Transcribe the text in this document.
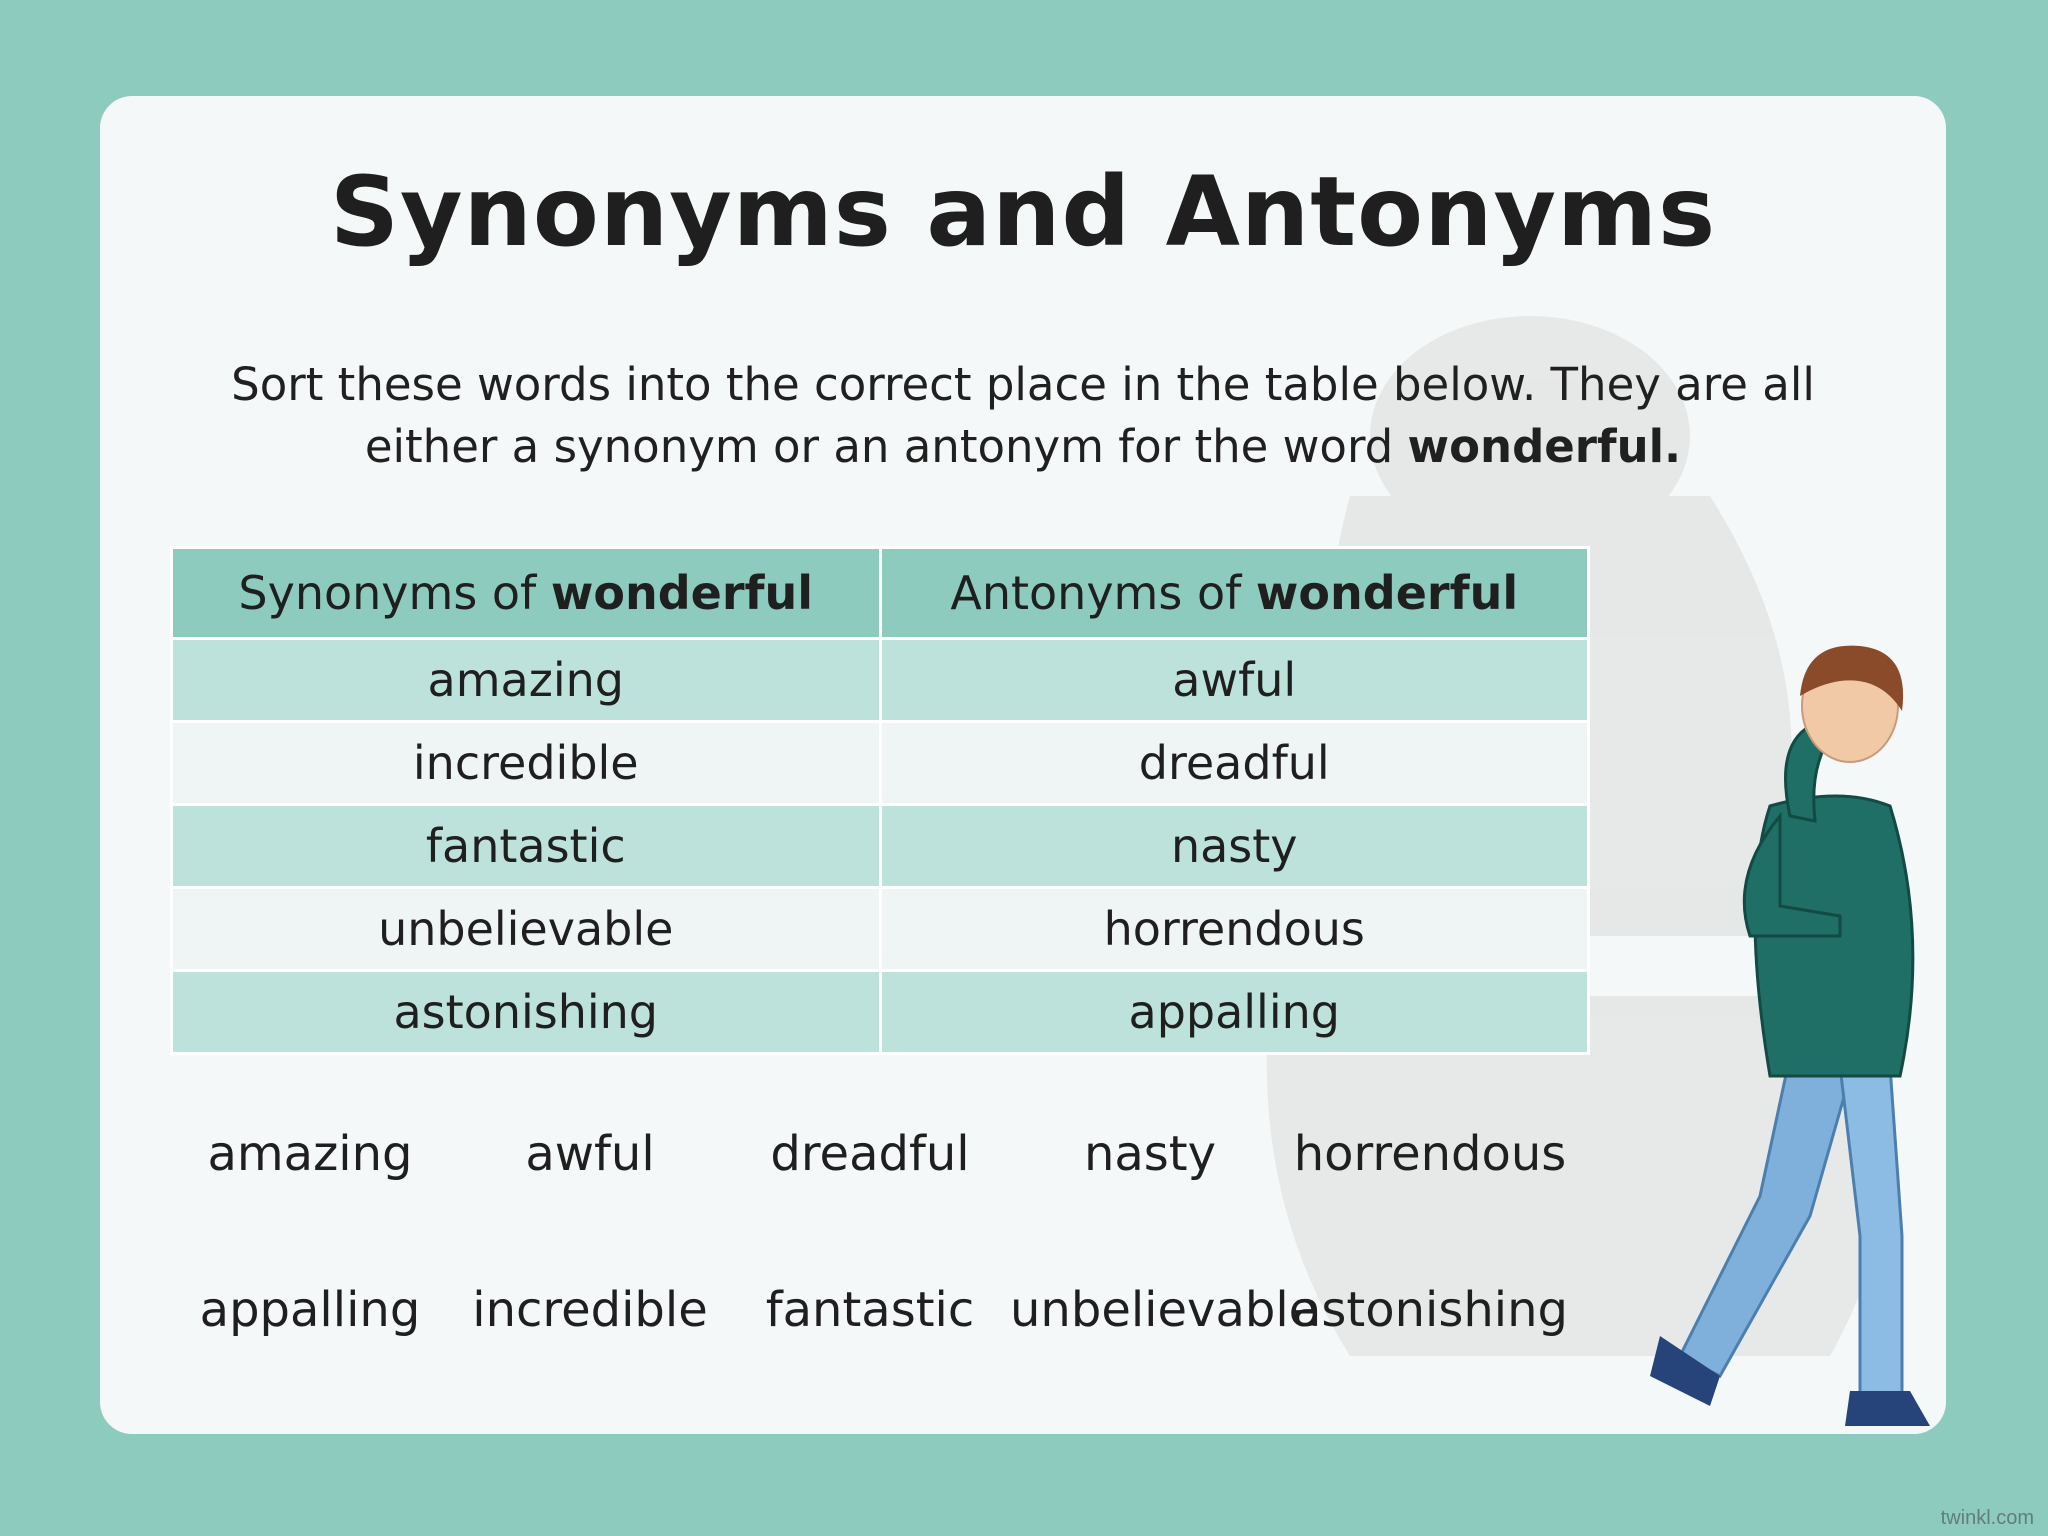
Synonyms and Antonyms

Sort these words into the correct place in the table below. They are all either a synonym or an antonym for the word wonderful.

Synonyms of wonderful	Antonyms of wonderful
amazing	awful
incredible	dreadful
fantastic	nasty
unbelievable	horrendous
astonishing	appalling
amazing	awful	dreadful	nasty	horrendous
appalling	incredible	fantastic unbelievable
astonishing
twinkl.com
